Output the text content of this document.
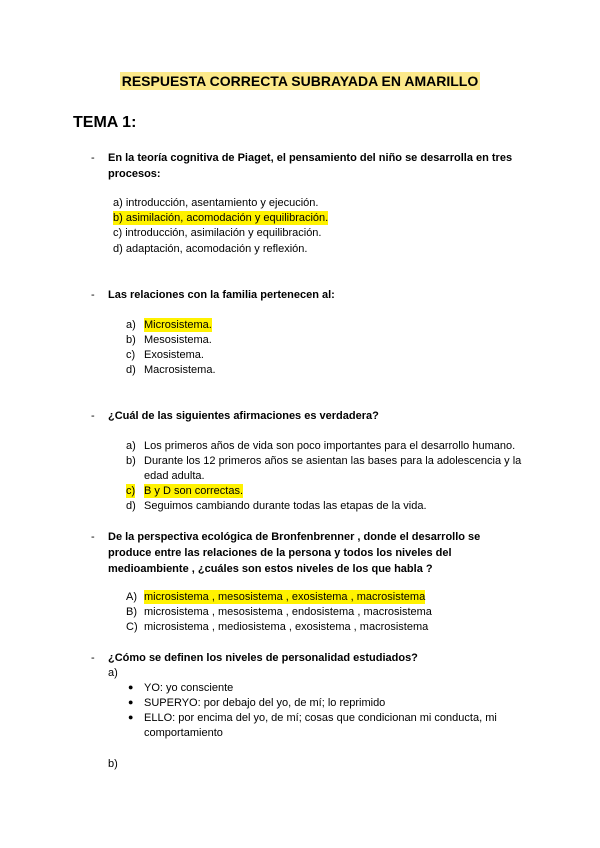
RESPUESTA CORRECTA SUBRAYADA EN AMARILLO
TEMA 1:
- En la teoría cognitiva de Piaget, el pensamiento del niño se desarrolla en tres
procesos:
a) introducción, asentamiento y ejecución.
b) asimilación, acomodación y equilibración.
c) introducción, asimilación y equilibración.
d) adaptación, acomodación y reflexión.
- Las relaciones con la familia pertenecen al:
a) Microsistema.
b) Mesosistema.
c) Exosistema.
d) Macrosistema.
- ¿Cuál de las siguientes afirmaciones es verdadera?
a) Los primeros años de vida son poco importantes para el desarrollo humano.
b) Durante los 12 primeros años se asientan las bases para la adolescencia y la
edad adulta.
c) B y D son correctas.
d) Seguimos cambiando durante todas las etapas de la vida.
- De la perspectiva ecológica de Bronfenbrenner , donde el desarrollo se
produce entre las relaciones de la persona y todos los niveles del
medioambiente , ¿cuáles son estos niveles de los que habla ?
A) microsistema , mesosistema , exosistema , macrosistema
B) microsistema , mesosistema , endosistema , macrosistema
C) microsistema , mediosistema , exosistema , macrosistema
- ¿Cómo se definen los niveles de personalidad estudiados?
a)
● YO: yo consciente
● SUPERYO: por debajo del yo, de mí; lo reprimido
● ELLO: por encima del yo, de mí; cosas que condicionan mi conducta, mi
comportamiento
b)
